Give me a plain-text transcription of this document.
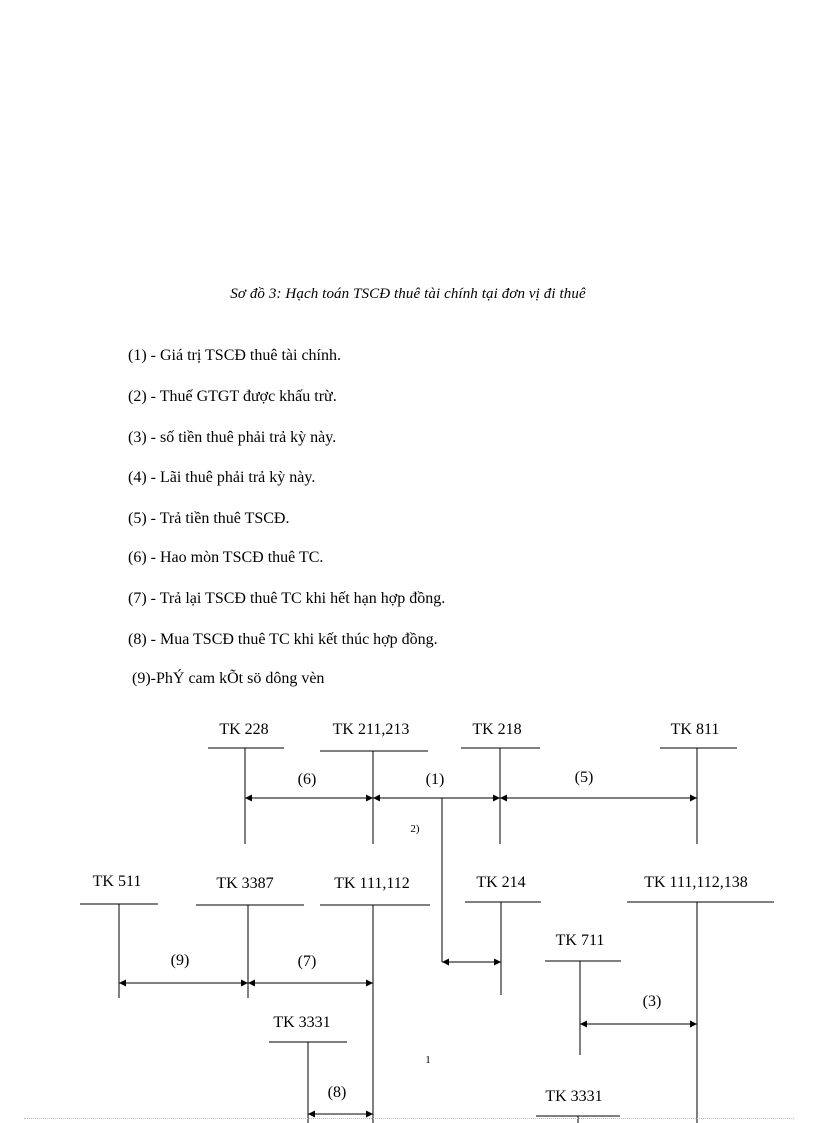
Sơ đồ 3: Hạch toán TSCĐ thuê tài chính tại đơn vị đi thuê
(1) - Giá trị TSCĐ thuê tài chính.
(2) - Thuế GTGT được khấu trừ.
(3) - số tiền thuê phải trả kỳ này.
(4) - Lãi thuê phải trả kỳ này.
(5) - Trả tiền thuê TSCĐ.
(6) - Hao mòn TSCĐ thuê TC.
(7) - Trả lại TSCĐ thuê TC khi hết hạn hợp đồng.
(8) - Mua TSCĐ thuê TC khi kết thúc hợp đồng.
(9)-PhÝ cam kÕt sö dông vèn
TK 228	TK 211,213	TK 218	TK 811
TK 511	TK 3387	TK 111,112	TK 214	TK 111,112,138
TK 711
TK 3331
TK 3331
(6)	(1)	(5)
2)
(9)	(7)
(3)
(8)
1
